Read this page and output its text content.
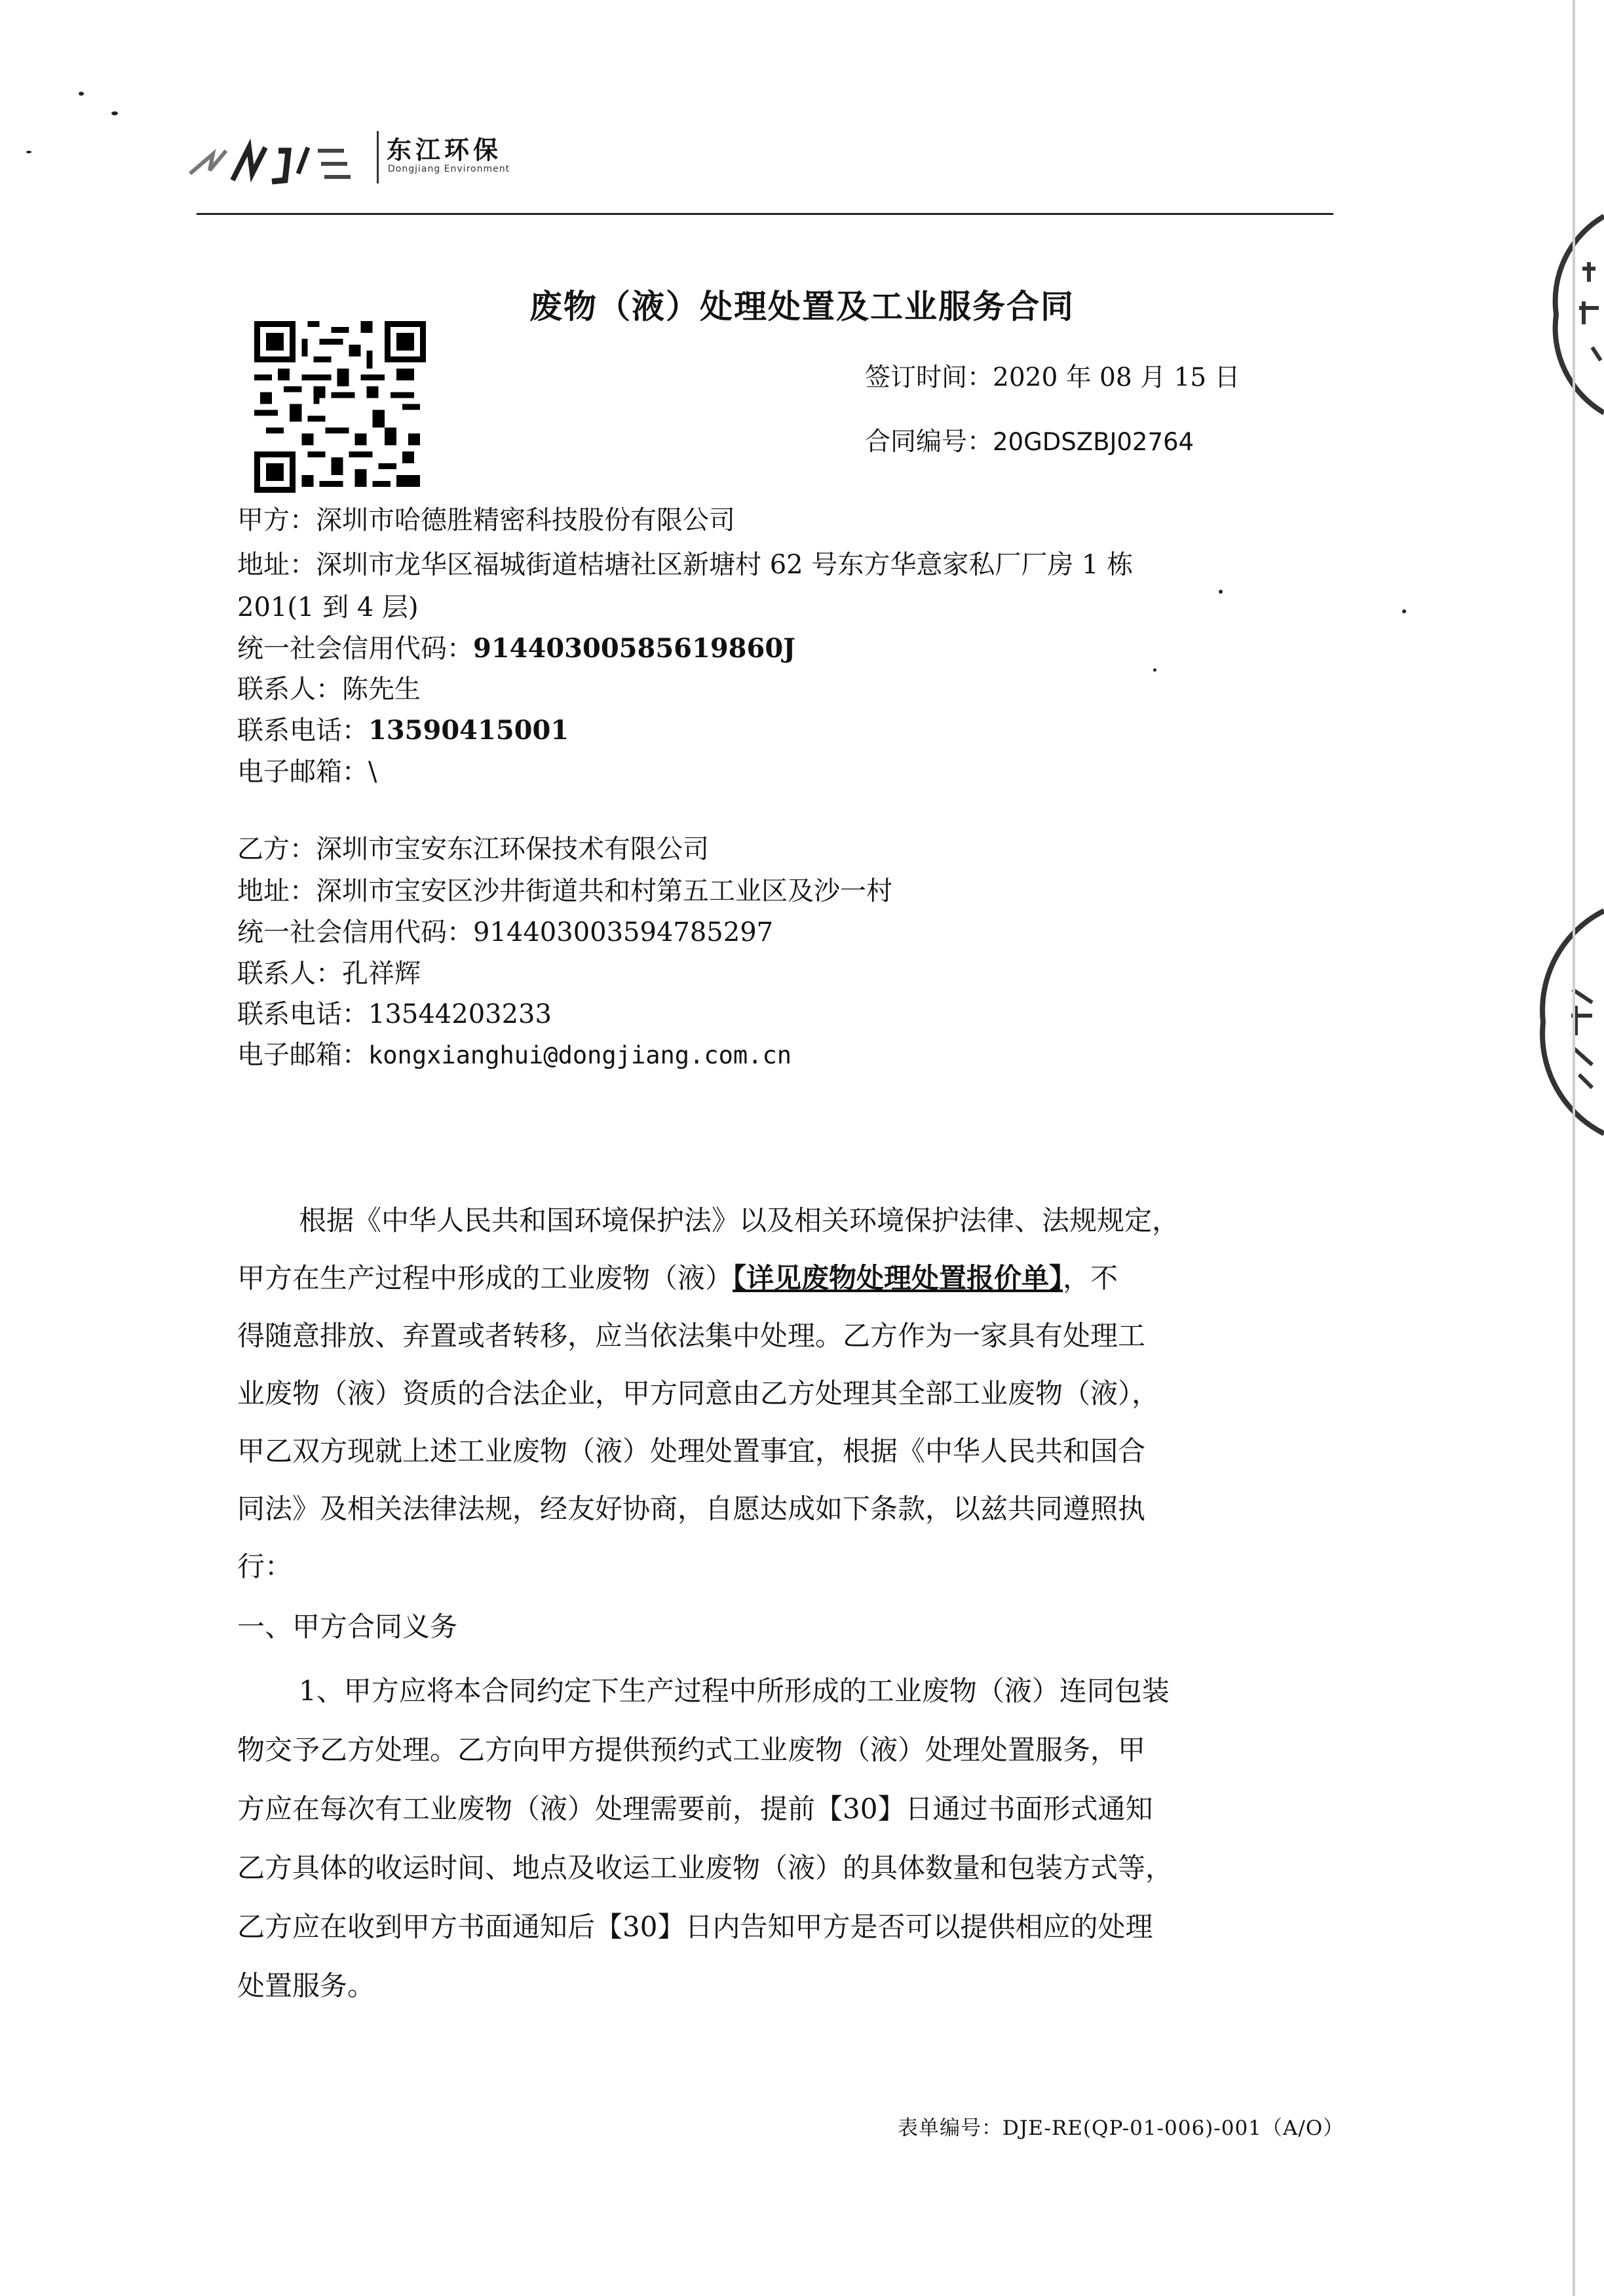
东江环保
Dongjiang Environment
废物（液）处理处置及工业服务合同
签订时间：2020 年 08 月 15 日
合同编号：20GDSZBJ02764
甲方：深圳市哈德胜精密科技股份有限公司
地址：深圳市龙华区福城街道桔塘社区新塘村 62 号东方华意家私厂厂房 1 栋
201(1 到 4 层)
统一社会信用代码：91440300585619860J
联系人：陈先生
联系电话：13590415001
电子邮箱：\
乙方：深圳市宝安东江环保技术有限公司
地址：深圳市宝安区沙井街道共和村第五工业区及沙一村
统一社会信用代码：914403003594785297
联系人：孔祥辉
联系电话：13544203233
电子邮箱：kongxianghui@dongjiang.com.cn
根据《中华人民共和国环境保护法》以及相关环境保护法律、法规规定，
甲方在生产过程中形成的工业废物（液）【详见废物处理处置报价单】，不
得随意排放、弃置或者转移，应当依法集中处理。乙方作为一家具有处理工
业废物（液）资质的合法企业，甲方同意由乙方处理其全部工业废物（液），
甲乙双方现就上述工业废物（液）处理处置事宜，根据《中华人民共和国合
同法》及相关法律法规，经友好协商，自愿达成如下条款，以兹共同遵照执
行：
一、甲方合同义务
1、甲方应将本合同约定下生产过程中所形成的工业废物（液）连同包装
物交予乙方处理。乙方向甲方提供预约式工业废物（液）处理处置服务，甲
方应在每次有工业废物（液）处理需要前，提前【30】日通过书面形式通知
乙方具体的收运时间、地点及收运工业废物（液）的具体数量和包装方式等，
乙方应在收到甲方书面通知后【30】日内告知甲方是否可以提供相应的处理
处置服务。
表单编号：DJE-RE(QP-01-006)-001（A/O）
